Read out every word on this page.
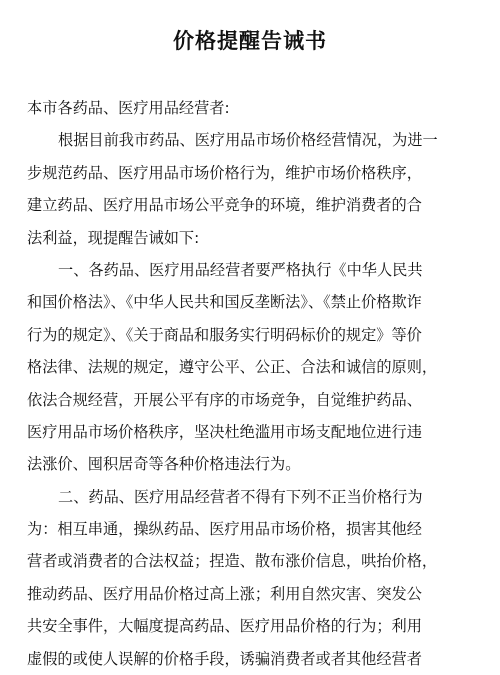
价格提醒告诫书
本市各药品、医疗用品经营者:
根据目前我市药品、医疗用品市场价格经营情况，为进一
步规范药品、医疗用品市场价格行为，维护市场价格秩序，
建立药品、医疗用品市场公平竞争的环境，维护消费者的合
法利益，现提醒告诫如下:
一、各药品、医疗用品经营者要严格执行《中华人民共
和国价格法》、《中华人民共和国反垄断法》、《禁止价格欺诈
行为的规定》、《关于商品和服务实行明码标价的规定》等价
格法律、法规的规定，遵守公平、公正、合法和诚信的原则，
依法合规经营，开展公平有序的市场竞争，自觉维护药品、
医疗用品市场价格秩序，坚决杜绝滥用市场支配地位进行违
法涨价、囤积居奇等各种价格违法行为。
二、药品、医疗用品经营者不得有下列不正当价格行为
为：相互串通，操纵药品、医疗用品市场价格，损害其他经
营者或消费者的合法权益；捏造、散布涨价信息，哄抬价格，
推动药品、医疗用品价格过高上涨；利用自然灾害、突发公
共安全事件，大幅度提高药品、医疗用品价格的行为；利用
虚假的或使人误解的价格手段，诱骗消费者或者其他经营者
